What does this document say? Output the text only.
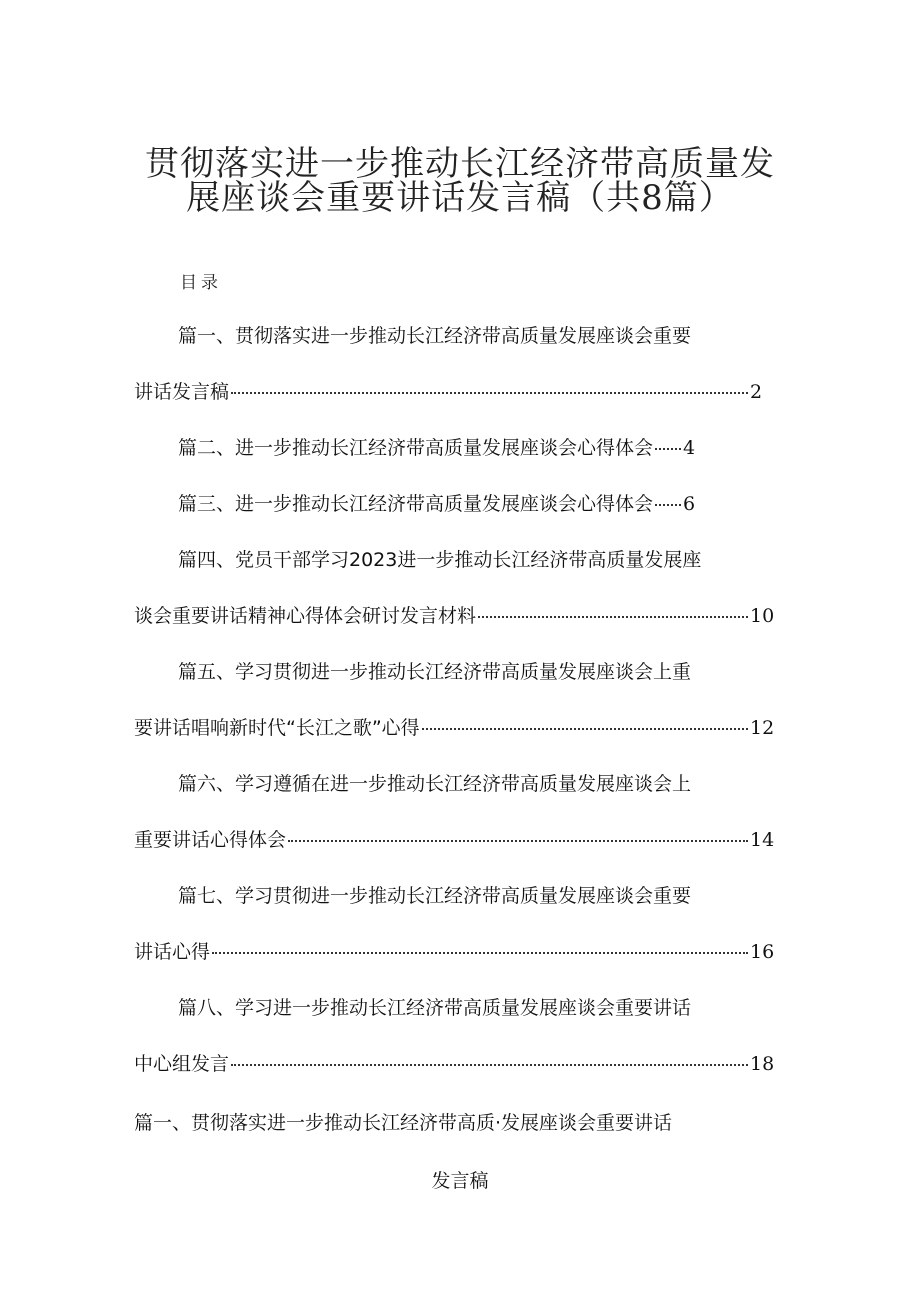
贯彻落实进一步推动长江经济带高质量发
展座谈会重要讲话发言稿（共8篇）
目录
篇一、贯彻落实进一步推动长江经济带高质量发展座谈会重要
讲话发言稿	2
篇二、进一步推动长江经济带高质量发展座谈会心得体会 4
篇三、进一步推动长江经济带高质量发展座谈会心得体会 6
篇四、党员干部学习2023进一步推动长江经济带高质量发展座
谈会重要讲话精神心得体会研讨发言材料	10
篇五、学习贯彻进一步推动长江经济带高质量发展座谈会上重
要讲话唱响新时代“长江之歌”心得	12
篇六、学习遵循在进一步推动长江经济带高质量发展座谈会上
重要讲话心得体会	14
篇七、学习贯彻进一步推动长江经济带高质量发展座谈会重要
讲话心得	16
篇八、学习进一步推动长江经济带高质量发展座谈会重要讲话
中心组发言	18
篇一、贯彻落实进一步推动长江经济带高质·发展座谈会重要讲话
发言稿
